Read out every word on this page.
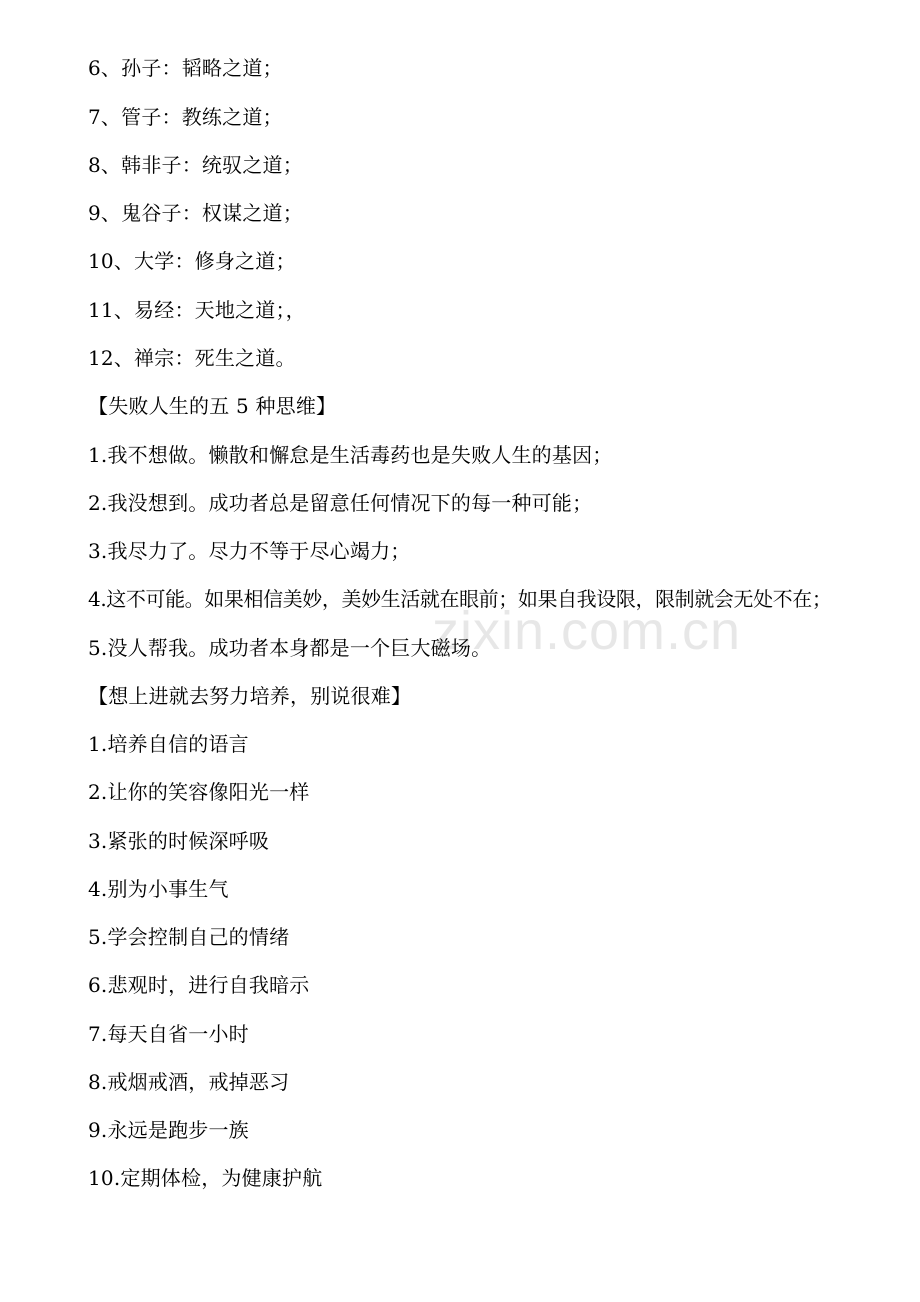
zixin.com.cn
6、孙子：韬略之道；
7、管子：教练之道；
8、韩非子：统驭之道；
9、鬼谷子：权谋之道；
10、大学：修身之道；
11、易经：天地之道；，
12、禅宗：死生之道。
【失败人生的五 5 种思维】
1.我不想做。懒散和懈怠是生活毒药也是失败人生的基因；
2.我没想到。成功者总是留意任何情况下的每一种可能；
3.我尽力了。尽力不等于尽心竭力；
4.这不可能。如果相信美妙，美妙生活就在眼前；如果自我设限，限制就会无处不在；
5.没人帮我。成功者本身都是一个巨大磁场。
【想上进就去努力培养，别说很难】
1.培养自信的语言
2.让你的笑容像阳光一样
3.紧张的时候深呼吸
4.别为小事生气
5.学会控制自己的情绪
6.悲观时，进行自我暗示
7.每天自省一小时
8.戒烟戒酒，戒掉恶习
9.永远是跑步一族
10.定期体检，为健康护航
